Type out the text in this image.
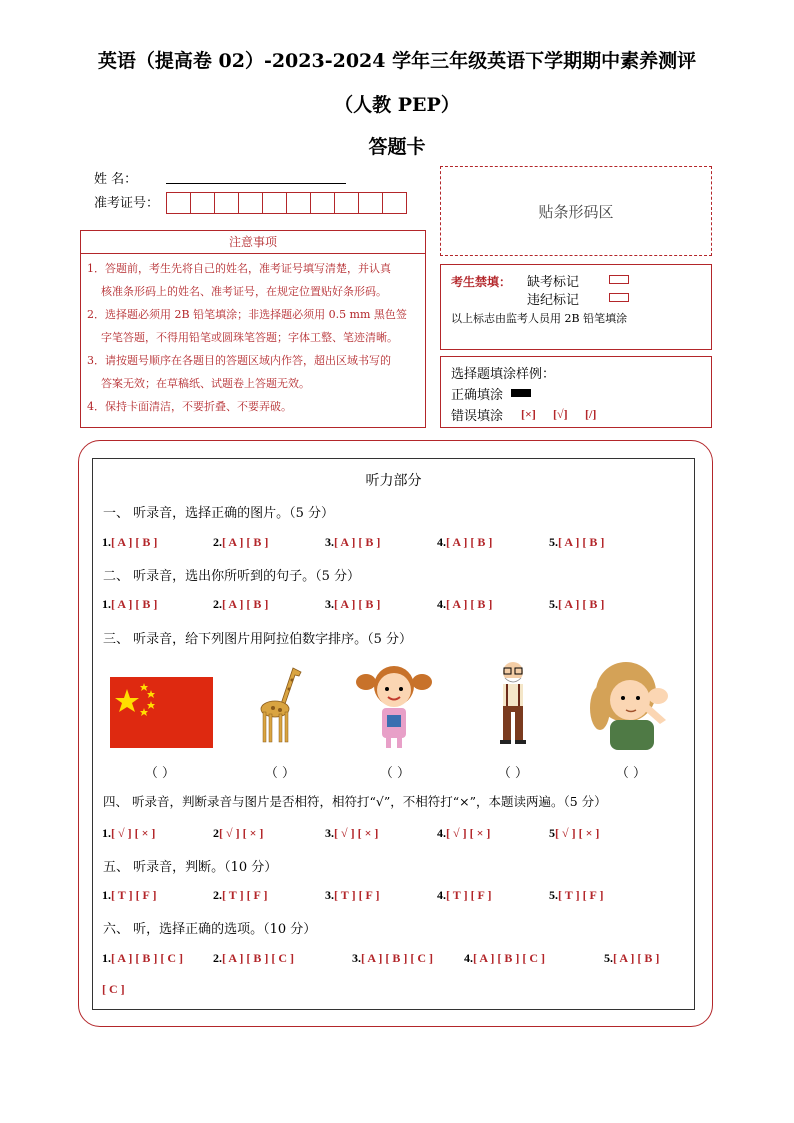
英语（提高卷 02）-2023-2024 学年三年级英语下学期期中素养测评
（人教 PEP）
答题卡
姓 名：
准考证号：	贴条形码区
注意事项
1．答题前，考生先将自己的姓名，准考证号填写清楚，并认真
核准条形码上的姓名、准考证号，在规定位置贴好条形码。
2．选择题必须用 2B 铅笔填涂；非选择题必须用 0.5 mm 黑色签
字笔答题，不得用铅笔或圆珠笔答题；字体工整、笔迹清晰。
3．请按题号顺序在各题目的答题区域内作答，超出区域书写的
答案无效；在草稿纸、试题卷上答题无效。
4．保持卡面清洁，不要折叠、不要弄破。
考生禁填： 缺考标记
违纪标记
以上标志由监考人员用 2B 铅笔填涂
选择题填涂样例：
正确填涂
错误填涂 [×] [√] [/]
听力部分
一、 听录音，选择正确的图片。（5 分）
1.[ A ] [ B ]	2.[ A ] [ B ]	3.[ A ] [ B ]	4.[ A ] [ B ]	5.[ A ] [ B ]
二、 听录音，选出你所听到的句子。（5 分）
1.[ A ] [ B ]	2.[ A ] [ B ]	3.[ A ] [ B ]	4.[ A ] [ B ]	5.[ A ] [ B ]
三、 听录音，给下列图片用阿拉伯数字排序。（5 分）
（ ）	（ ）	（ ）	（ ）	（ ）
四、 听录音，判断录音与图片是否相符，相符打“√”，不相符打“×”，本题读两遍。（5 分）
1.[ √ ] [ × ]	2[ √ ] [ × ]	3.[ √ ] [ × ]	4.[ √ ] [ × ]	5[ √ ] [ × ]
五、 听录音，判断。（10 分）
1.[ T ] [ F ]	2.[ T ] [ F ]	3.[ T ] [ F ]	4.[ T ] [ F ]	5.[ T ] [ F ]
六、 听，选择正确的选项。（10 分）
1.[ A ] [ B ] [ C ]	2.[ A ] [ B ] [ C ]	3.[ A ] [ B ] [ C ]	4.[ A ] [ B ] [ C ]	5.[ A ] [ B ]
[ C ]
